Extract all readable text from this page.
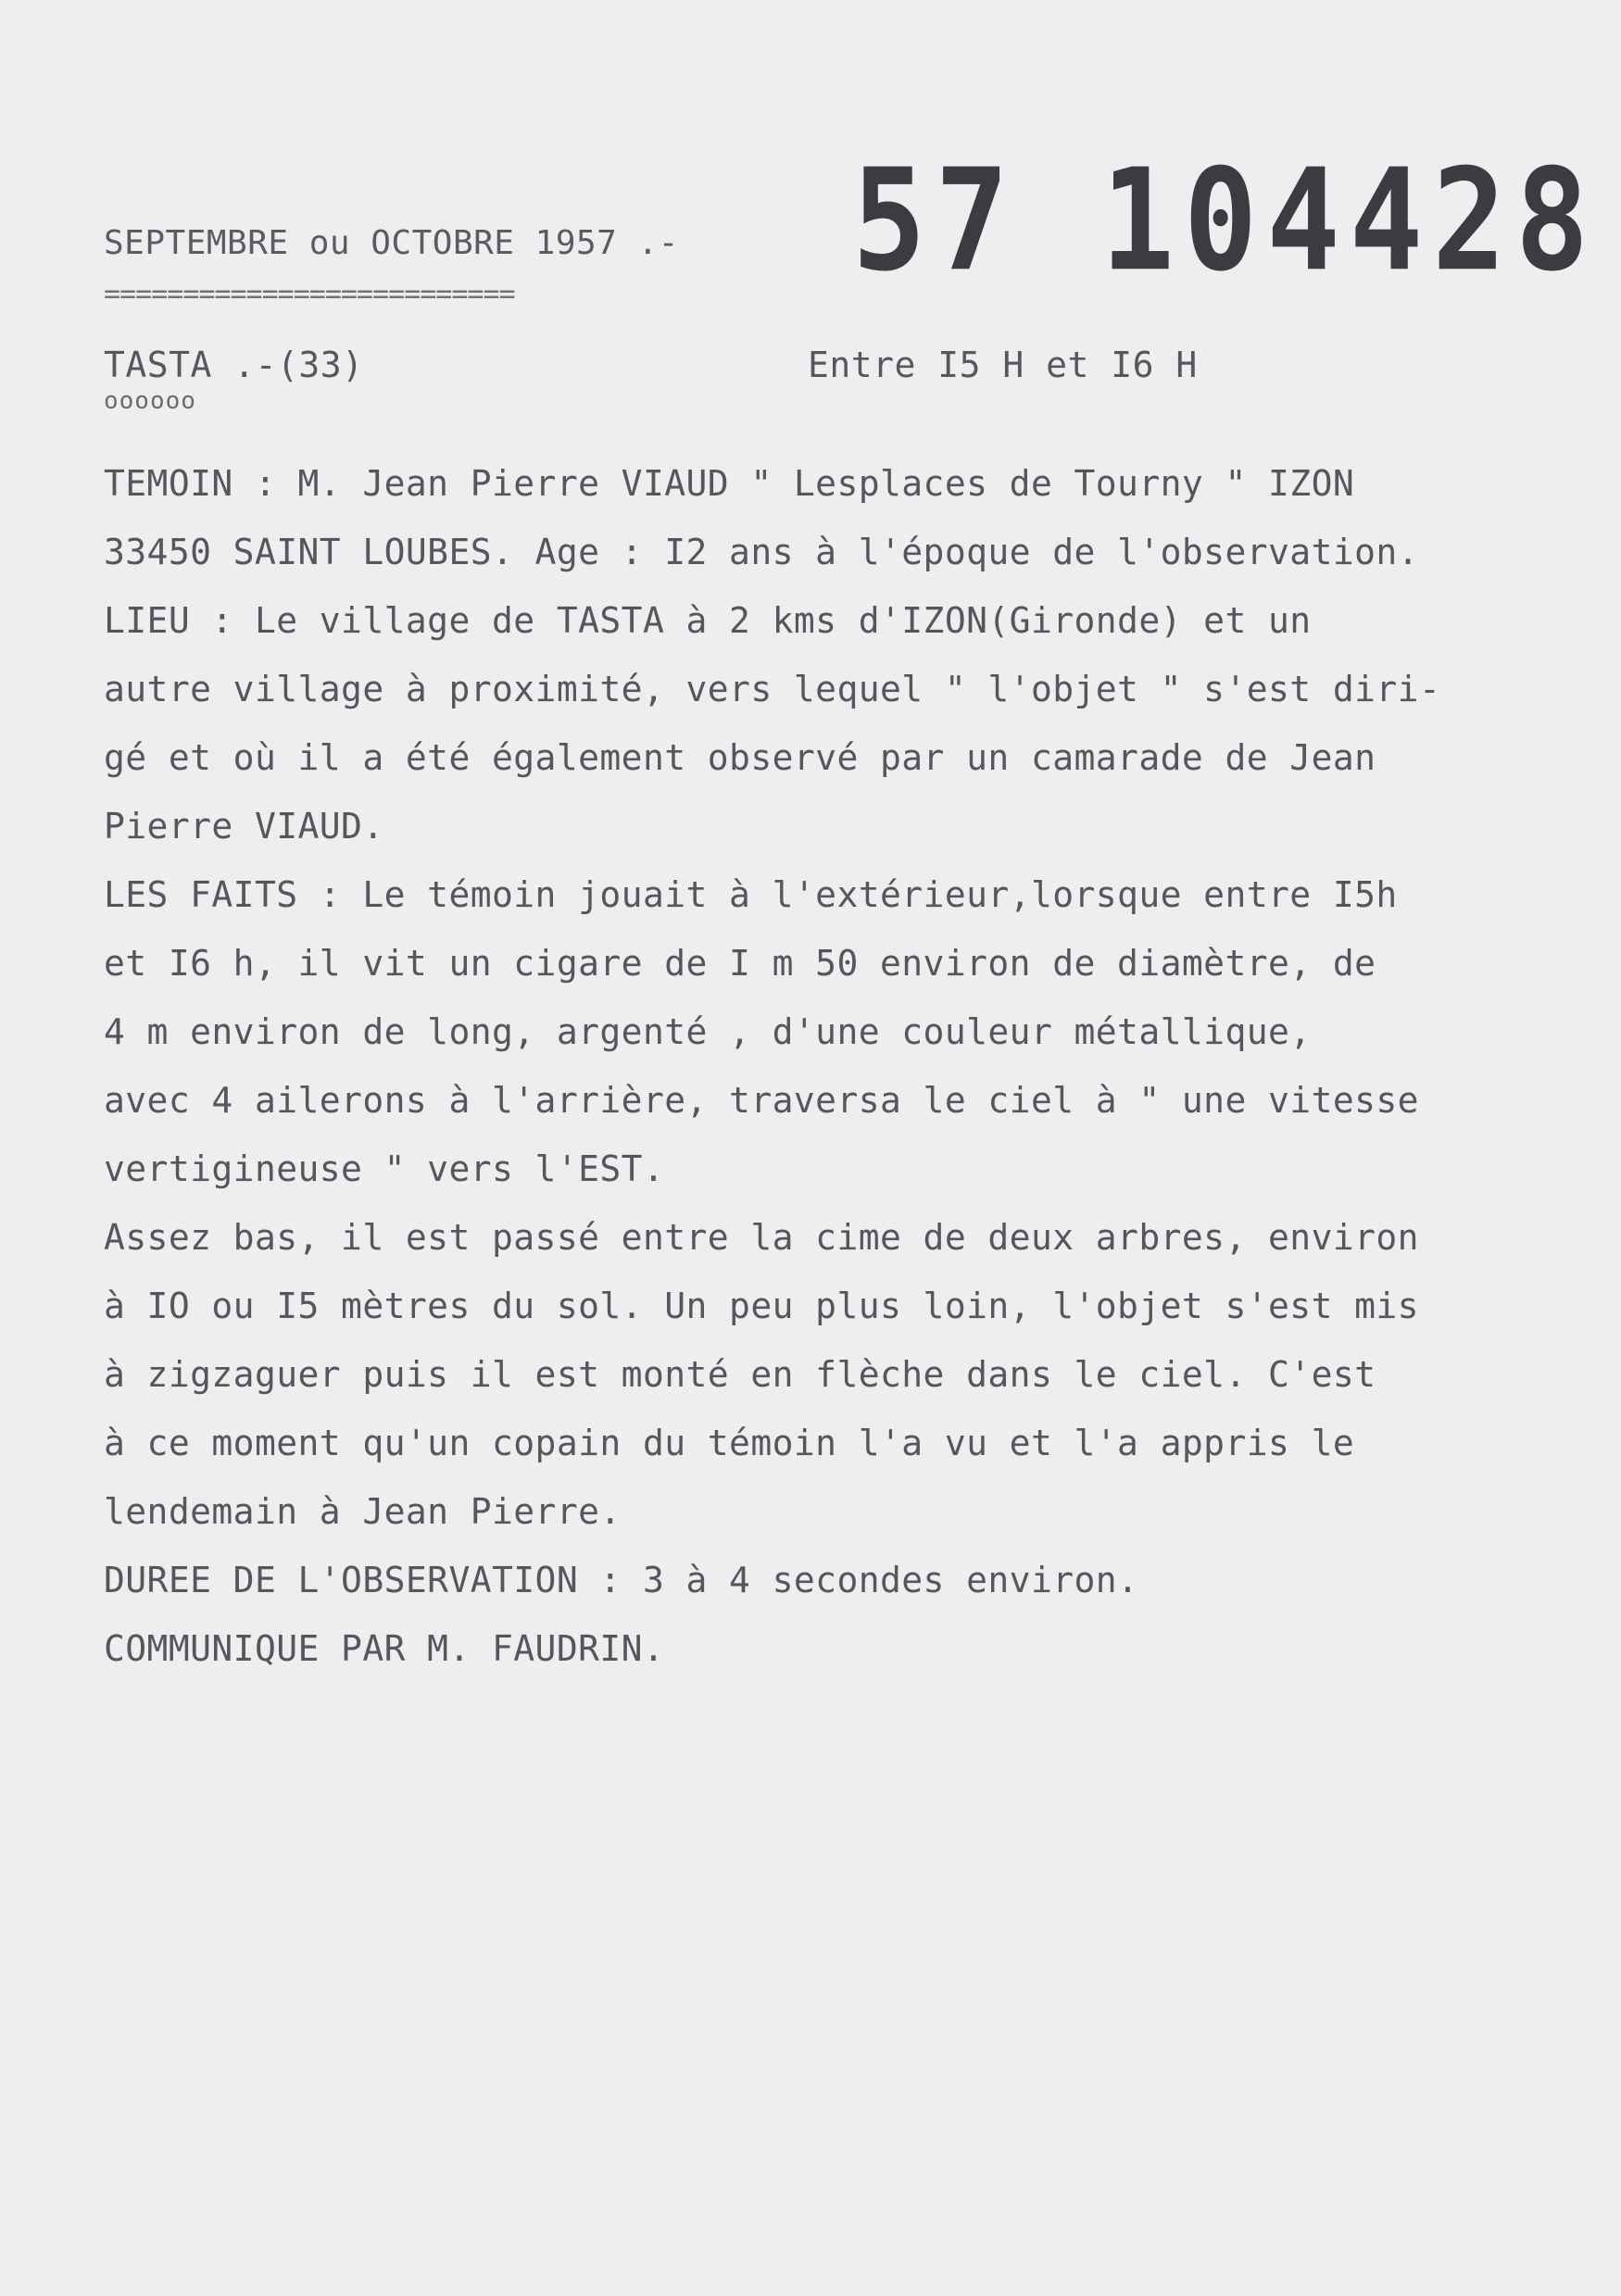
SEPTEMBRE ou OCTOBRE 1957 .-
==========================	57 104428
TASTA .-(33)
oooooo
Entre I5 H et I6 H
TEMOIN : M. Jean Pierre VIAUD " Lesplaces de Tourny " IZON
33450 SAINT LOUBES. Age : I2 ans à l'époque de l'observation.
LIEU : Le village de TASTA à 2 kms d'IZON(Gironde) et un
autre village à proximité, vers lequel " l'objet " s'est diri-
gé et où il a été également observé par un camarade de Jean
Pierre VIAUD.
LES FAITS : Le témoin jouait à l'extérieur,lorsque entre I5h
et I6 h, il vit un cigare de I m 50 environ de diamètre, de
4 m environ de long, argenté , d'une couleur métallique,
avec 4 ailerons à l'arrière, traversa le ciel à " une vitesse
vertigineuse " vers l'EST.
Assez bas, il est passé entre la cime de deux arbres, environ
à IO ou I5 mètres du sol. Un peu plus loin, l'objet s'est mis
à zigzaguer puis il est monté en flèche dans le ciel. C'est
à ce moment qu'un copain du témoin l'a vu et l'a appris le
lendemain à Jean Pierre.
DUREE DE L'OBSERVATION : 3 à 4 secondes environ.
COMMUNIQUE PAR M. FAUDRIN.
